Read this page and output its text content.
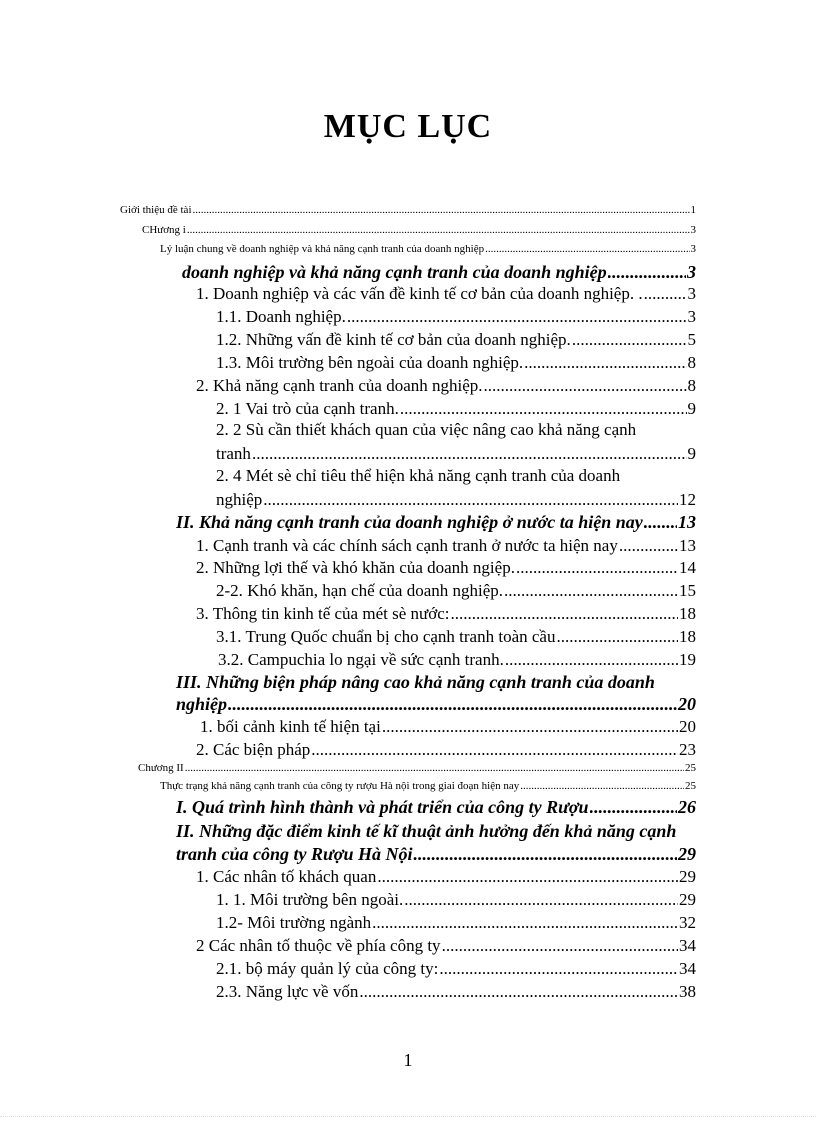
MỤC LỤC
Giới thiệu đề tài .....	1
CHương i .....	3
Lý luận chung về doanh nghiệp và khả năng cạnh tranh của doanh nghiệp .....	3
doanh nghiệp và khả năng cạnh tranh của doanh nghiệp .....	3
1. Doanh nghiệp và các vấn đề kinh tế cơ bản của doanh nghiệp. . .....	3
1.1. Doanh nghiệp. .....	3
1.2. Những vấn đề kinh tế cơ bản của doanh nghiệp. .....	5
1.3. Môi trường bên ngoài của doanh nghiệp. .....	8
2. Khả năng cạnh tranh của doanh nghiệp. .....	8
2. 1 Vai trò của cạnh tranh. .....	9
2. 2 Sù cần thiết khách quan của việc nâng cao khả năng cạnh
tranh .....	9
2. 4 Mét sè chỉ tiêu thể hiện khả năng cạnh tranh của doanh
nghiệp .....	12
II. Khả năng cạnh tranh của doanh nghiệp ở nước ta hiện nay ..... 13
1. Cạnh tranh và các chính sách cạnh tranh ở nước ta hiện nay .....	13
2. Những lợi thế và khó khăn của doanh ngiệp. .....	14
2-2. Khó khăn, hạn chế của doanh nghiệp. .....	15
3. Thông tin kinh tế của mét sè nước: .....	18
3.1. Trung Quốc chuẩn bị cho cạnh tranh toàn cầu .....	18
3.2. Campuchia lo ngại về sức cạnh tranh. .....	19
III. Những biện pháp nâng cao khả năng cạnh tranh của doanh
nghiệp .....	20
1. bối cảnh kinh tế hiện tại .....	20
2. Các biện pháp .....	23
Chương II .....	25
Thực trạng khả năng cạnh tranh của công ty rượu Hà nội trong giai đoạn hiện nay .....	25
I. Quá trình hình thành và phát triển của công ty Rượu .....	26
II. Những đặc điểm kinh tế kĩ thuật ảnh hưởng đến khả năng cạnh
tranh của công ty Rượu Hà Nội .....	29
1. Các nhân tố khách quan .....	29
1. 1. Môi trường bên ngoài. .....	29
1.2- Môi trường ngành .....	32
2 Các nhân tố thuộc về phía công ty .....	34
2.1. bộ máy quản lý của công ty: .....	34
2.3. Năng lực về vốn .....	38
1
